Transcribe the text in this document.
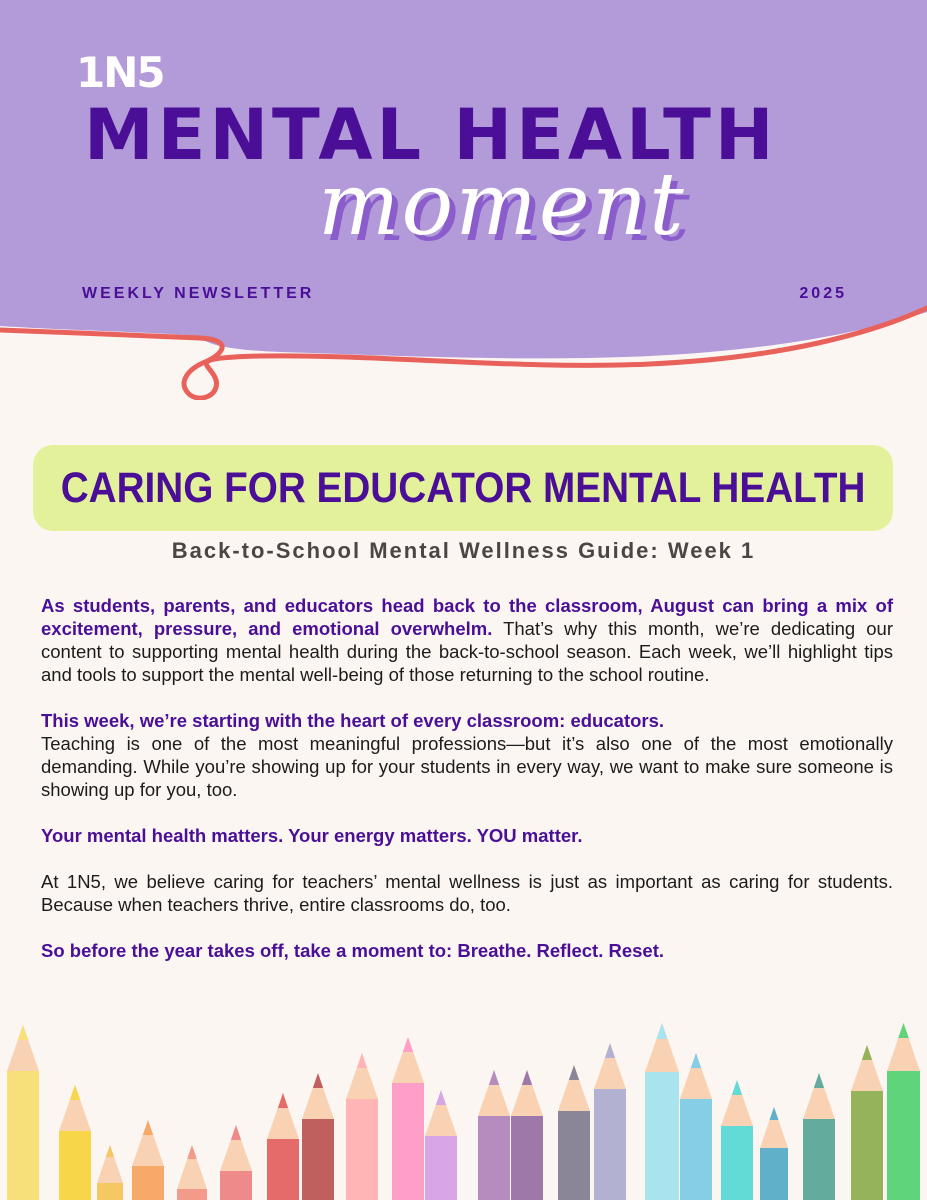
1N5
MENTAL HEALTH
moment
WEEKLY NEWSLETTER	2025
CARING FOR EDUCATOR MENTAL HEALTH
Back-to-School Mental Wellness Guide: Week 1

As students, parents, and educators head back to the classroom, August can bring a mix of excitement, pressure, and emotional overwhelm. That’s why this month, we’re dedicating our content to supporting mental health during the back-to-school season. Each week, we’ll highlight tips and tools to support the mental well-being of those returning to the school routine.

This week, we’re starting with the heart of every classroom: educators.
Teaching is one of the most meaningful professions—but it’s also one of the most emotionally demanding. While you’re showing up for your students in every way, we want to make sure someone is showing up for you, too.

Your mental health matters. Your energy matters. YOU matter.

At 1N5, we believe caring for teachers’ mental wellness is just as important as caring for students. Because when teachers thrive, entire classrooms do, too.

So before the year takes off, take a moment to: Breathe. Reflect. Reset.
